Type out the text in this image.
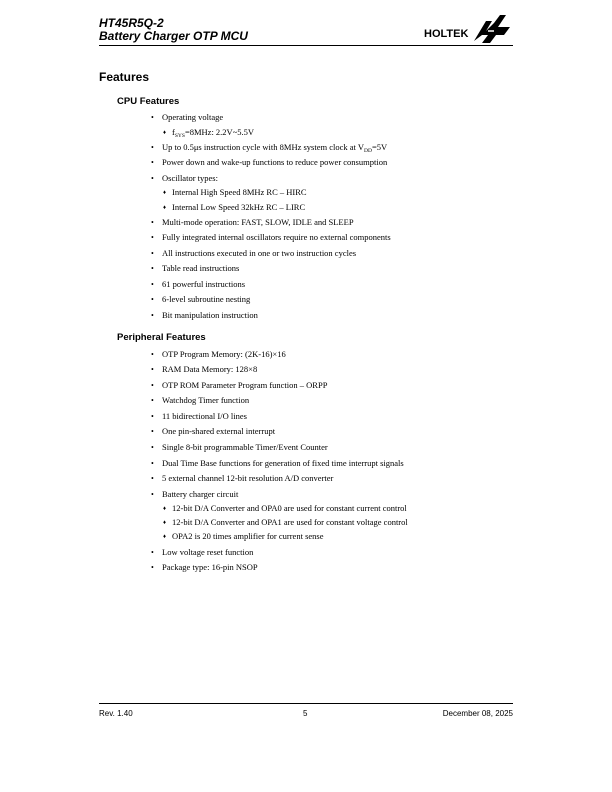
HT45R5Q-2
Battery Charger OTP MCU	HOLTEK
Features
CPU Features
• Operating voltage
♦ $f_{SYS}=8MHz$: 2.2V~5.5V
• Up to 0.5μs instruction cycle with 8MHz system clock at $V_{DD}=5V$
• Power down and wake-up functions to reduce power consumption
• Oscillator types:
♦ Internal High Speed 8MHz RC – HIRC
♦ Internal Low Speed 32kHz RC – LIRC
• Multi-mode operation: FAST, SLOW, IDLE and SLEEP
• Fully integrated internal oscillators require no external components
• All instructions executed in one or two instruction cycles
• Table read instructions
• 61 powerful instructions
• 6-level subroutine nesting
• Bit manipulation instruction
Peripheral Features
• OTP Program Memory: (2K-16)×16
• RAM Data Memory: 128×8
• OTP ROM Parameter Program function – ORPP
• Watchdog Timer function
• 11 bidirectional I/O lines
• One pin-shared external interrupt
• Single 8-bit programmable Timer/Event Counter
• Dual Time Base functions for generation of fixed time interrupt signals
• 5 external channel 12-bit resolution A/D converter
• Battery charger circuit
♦ 12-bit D/A Converter and OPA0 are used for constant current control
♦ 12-bit D/A Converter and OPA1 are used for constant voltage control
♦ OPA2 is 20 times amplifier for current sense
• Low voltage reset function
• Package type: 16-pin NSOP
Rev. 1.40	5	December 08, 2025
